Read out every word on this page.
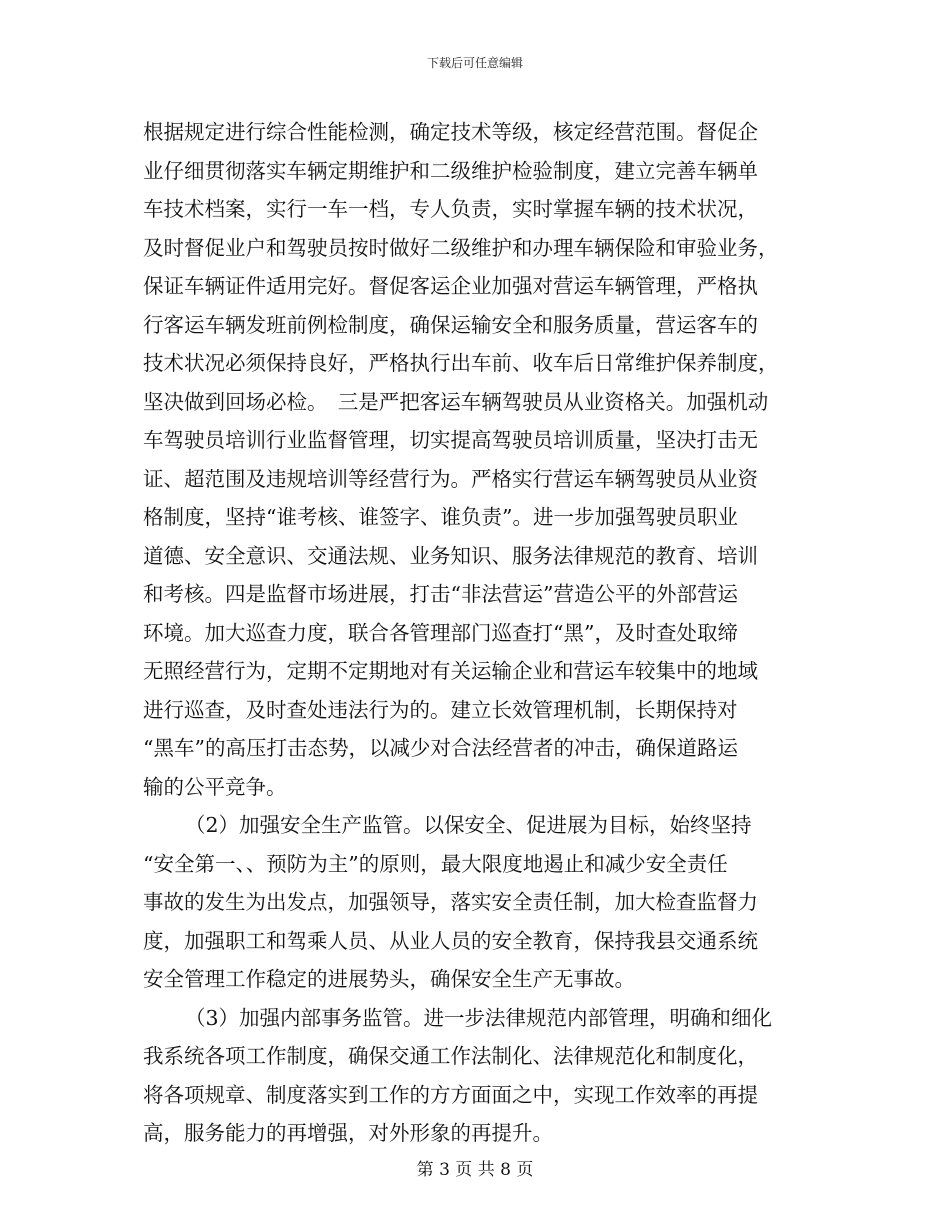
下载后可任意编辑
根据规定进行综合性能检测，确定技术等级，核定经营范围。督促企
业仔细贯彻落实车辆定期维护和二级维护检验制度，建立完善车辆单
车技术档案，实行一车一档，专人负责，实时掌握车辆的技术状况，
及时督促业户和驾驶员按时做好二级维护和办理车辆保险和审验业务，
保证车辆证件适用完好。督促客运企业加强对营运车辆管理，严格执
行客运车辆发班前例检制度，确保运输安全和服务质量，营运客车的
技术状况必须保持良好，严格执行出车前、收车后日常维护保养制度，
坚决做到回场必检。　三是严把客运车辆驾驶员从业资格关。加强机动
车驾驶员培训行业监督管理，切实提高驾驶员培训质量，坚决打击无
证、超范围及违规培训等经营行为。严格实行营运车辆驾驶员从业资
格制度，坚持“谁考核、谁签字、谁负责”。进一步加强驾驶员职业
道德、安全意识、交通法规、业务知识、服务法律规范的教育、培训
和考核。四是监督市场进展，打击“非法营运”营造公平的外部营运
环境。加大巡查力度，联合各管理部门巡查打“黑”，及时查处取缔
无照经营行为，定期不定期地对有关运输企业和营运车较集中的地域
进行巡查，及时查处违法行为的。建立长效管理机制，长期保持对
“黑车”的高压打击态势，以减少对合法经营者的冲击，确保道路运
输的公平竞争。
（2）加强安全生产监管。以保安全、促进展为目标，始终坚持
“安全第一、、预防为主”的原则，最大限度地遏止和减少安全责任
事故的发生为出发点，加强领导，落实安全责任制，加大检查监督力
度，加强职工和驾乘人员、从业人员的安全教育，保持我县交通系统
安全管理工作稳定的进展势头，确保安全生产无事故。
（3）加强内部事务监管。进一步法律规范内部管理，明确和细化
我系统各项工作制度，确保交通工作法制化、法律规范化和制度化，
将各项规章、制度落实到工作的方方面面之中，实现工作效率的再提
高，服务能力的再增强，对外形象的再提升。
第 3 页 共 8 页
